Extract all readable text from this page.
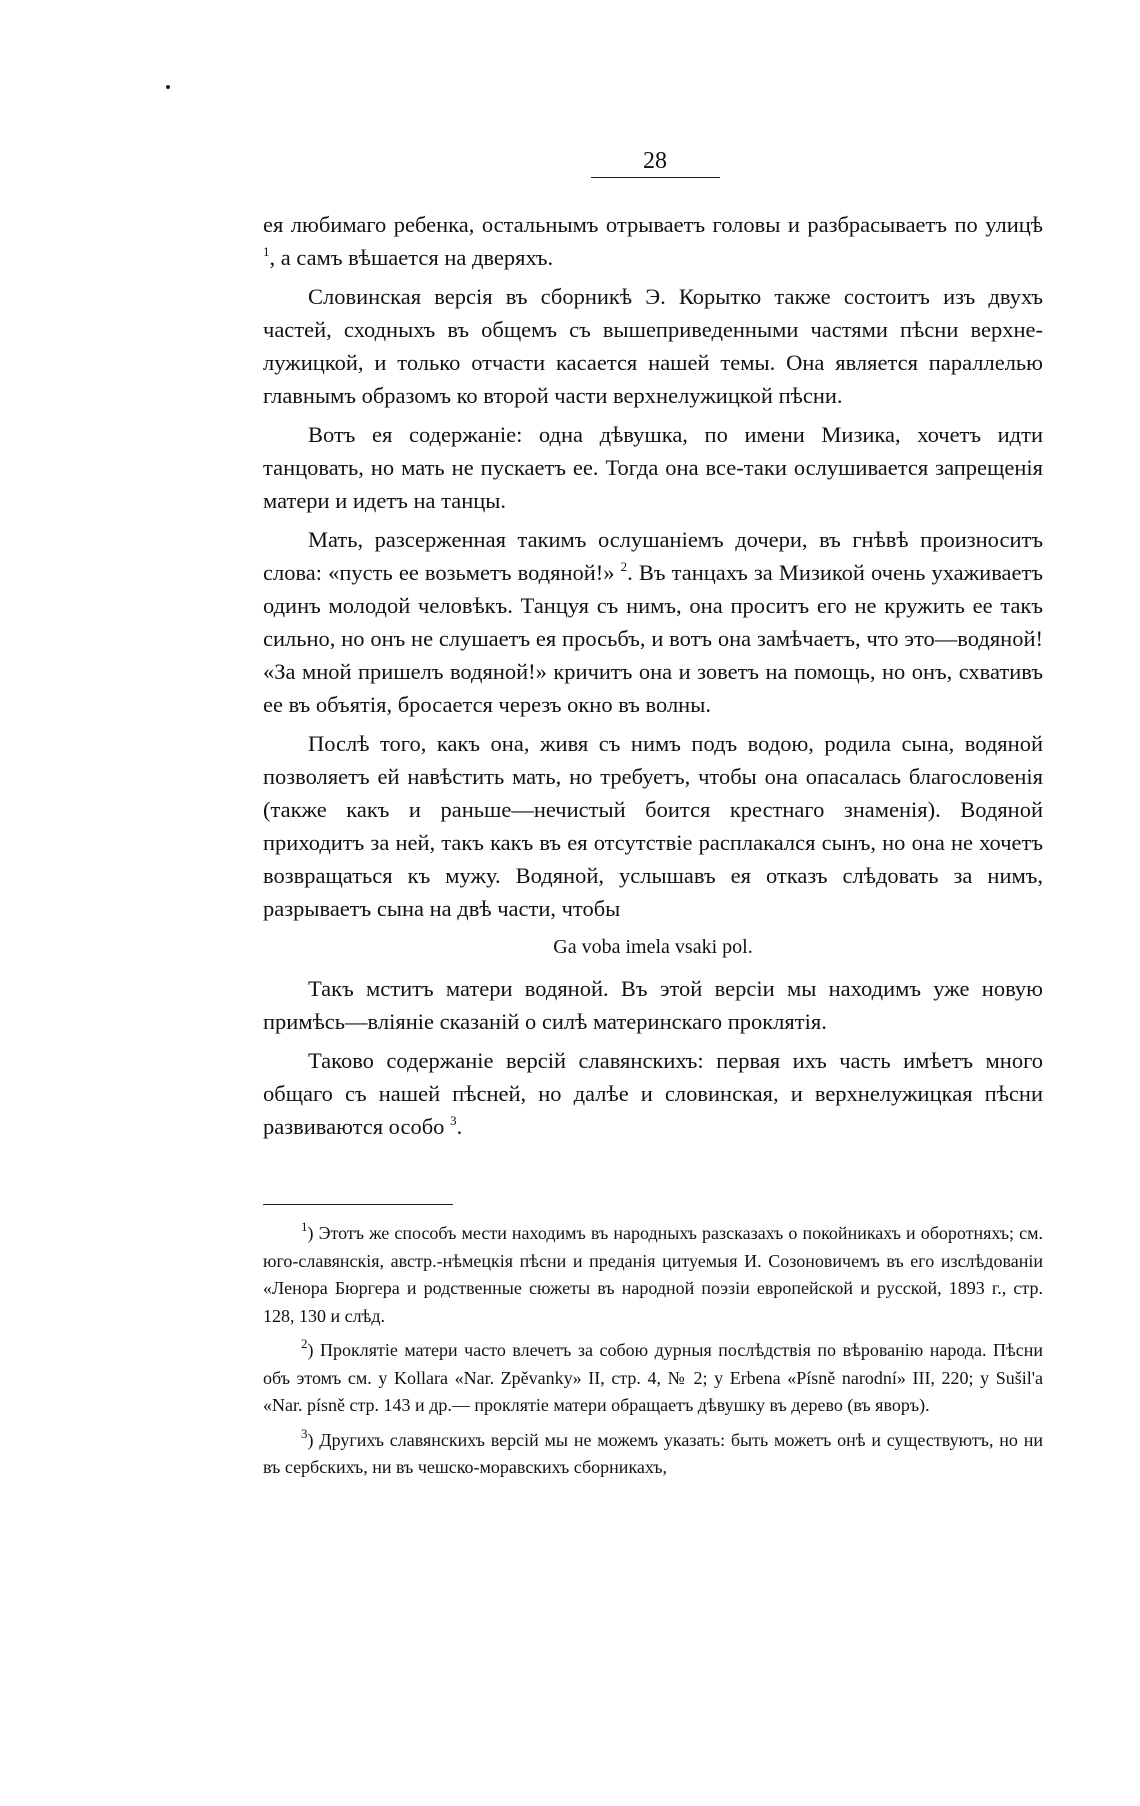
28

ея любимаго ребенка, остальнымъ отрываетъ головы и разбрасываетъ по улицѣ $^1$, а самъ вѣшается на дверяхъ.

Словинская версія въ сборникѣ Э. Корытко также состоитъ изъ двухъ частей, сходныхъ въ общемъ съ вышеприведенными частями пѣсни верхне-лужицкой, и только отчасти касается нашей темы. Она является параллелью главнымъ образомъ ко второй части верхнелужицкой пѣсни.

Вотъ ея содержаніе: одна дѣвушка, по имени Мизика, хочетъ идти танцовать, но мать не пускаетъ ее. Тогда она все-таки ослушивается запрещенія матери и идетъ на танцы.

Мать, разсерженная такимъ ослушаніемъ дочери, въ гнѣвѣ произноситъ слова: «пусть ее возьметъ водяной!» $^2$. Въ танцахъ за Мизикой очень ухаживаетъ одинъ молодой человѣкъ. Танцуя съ нимъ, она проситъ его не кружить ее такъ сильно, но онъ не слушаетъ ея просьбъ, и вотъ она замѣчаетъ, что это—водяной! «За мной пришелъ водяной!» кричитъ она и зоветъ на помощь, но онъ, схвативъ ее въ объятія, бросается черезъ окно въ волны.

Послѣ того, какъ она, живя съ нимъ подъ водою, родила сына, водяной позволяетъ ей навѣстить мать, но требуетъ, чтобы она опасалась благословенія (также какъ и раньше—нечистый боится крестнаго знаменія). Водяной приходитъ за ней, такъ какъ въ ея отсутствіе расплакался сынъ, но она не хочетъ возвращаться къ мужу. Водяной, услышавъ ея отказъ слѣдовать за нимъ, разрываетъ сына на двѣ части, чтобы

Ga voba imela vsaki pol.

Такъ мститъ матери водяной. Въ этой версіи мы находимъ уже новую примѣсь—вліяніе сказаній о силѣ материнскаго проклятія.

Таково содержаніе версій славянскихъ: первая ихъ часть имѣетъ много общаго съ нашей пѣсней, но далѣе и словинская, и верхнелужицкая пѣсни развиваются особо $^3$.

$^1$) Этотъ же способъ мести находимъ въ народныхъ разсказахъ о покойникахъ и оборотняхъ; см. юго-славянскія, австр.-нѣмецкія пѣсни и преданія цитуемыя И. Созоновичемъ въ его изслѣдованіи «Ленора Бюргера и родственные сюжеты въ народной поэзіи европейской и русской, 1893 г., стр. 128, 130 и слѣд.

$^2$) Проклятіе матери часто влечетъ за собою дурныя послѣдствія по вѣрованію народа. Пѣсни объ этомъ см. у Kollara «Nar. Zpěvanky» II, стр. 4, № 2; у Erbena «Písně narodní» III, 220; у Sušil'a «Nar. písně стр. 143 и др.— проклятіе матери обращаетъ дѣвушку въ дерево (въ яворъ).

$^3$) Другихъ славянскихъ версій мы не можемъ указать: быть можетъ онѣ и существуютъ, но ни въ сербскихъ, ни въ чешско-моравскихъ сборникахъ,
